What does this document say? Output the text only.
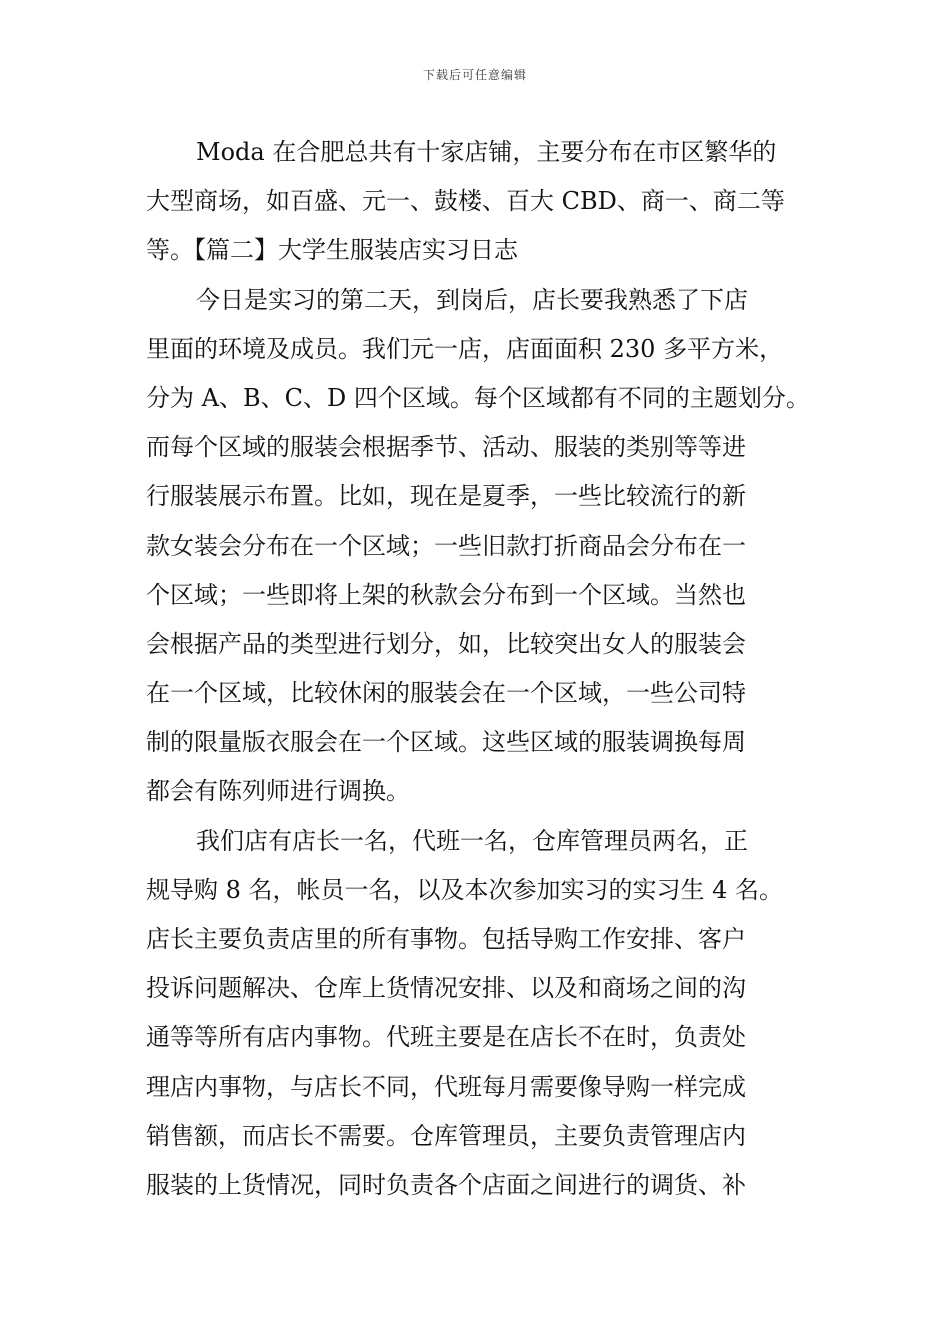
下载后可任意编辑
Moda 在合肥总共有十家店铺，主要分布在市区繁华的
大型商场，如百盛、元一、鼓楼、百大 CBD、商一、商二等
等。【篇二】大学生服装店实习日志
今日是实习的第二天，到岗后，店长要我熟悉了下店
里面的环境及成员。我们元一店，店面面积 230 多平方米，
分为 A、B、C、D 四个区域。每个区域都有不同的主题划分。
而每个区域的服装会根据季节、活动、服装的类别等等进
行服装展示布置。比如，现在是夏季，一些比较流行的新
款女装会分布在一个区域；一些旧款打折商品会分布在一
个区域；一些即将上架的秋款会分布到一个区域。当然也
会根据产品的类型进行划分，如，比较突出女人的服装会
在一个区域，比较休闲的服装会在一个区域，一些公司特
制的限量版衣服会在一个区域。这些区域的服装调换每周
都会有陈列师进行调换。
我们店有店长一名，代班一名，仓库管理员两名，正
规导购 8 名，帐员一名，以及本次参加实习的实习生 4 名。
店长主要负责店里的所有事物。包括导购工作安排、客户
投诉问题解决、仓库上货情况安排、以及和商场之间的沟
通等等所有店内事物。代班主要是在店长不在时，负责处
理店内事物，与店长不同，代班每月需要像导购一样完成
销售额，而店长不需要。仓库管理员，主要负责管理店内
服装的上货情况，同时负责各个店面之间进行的调货、补
